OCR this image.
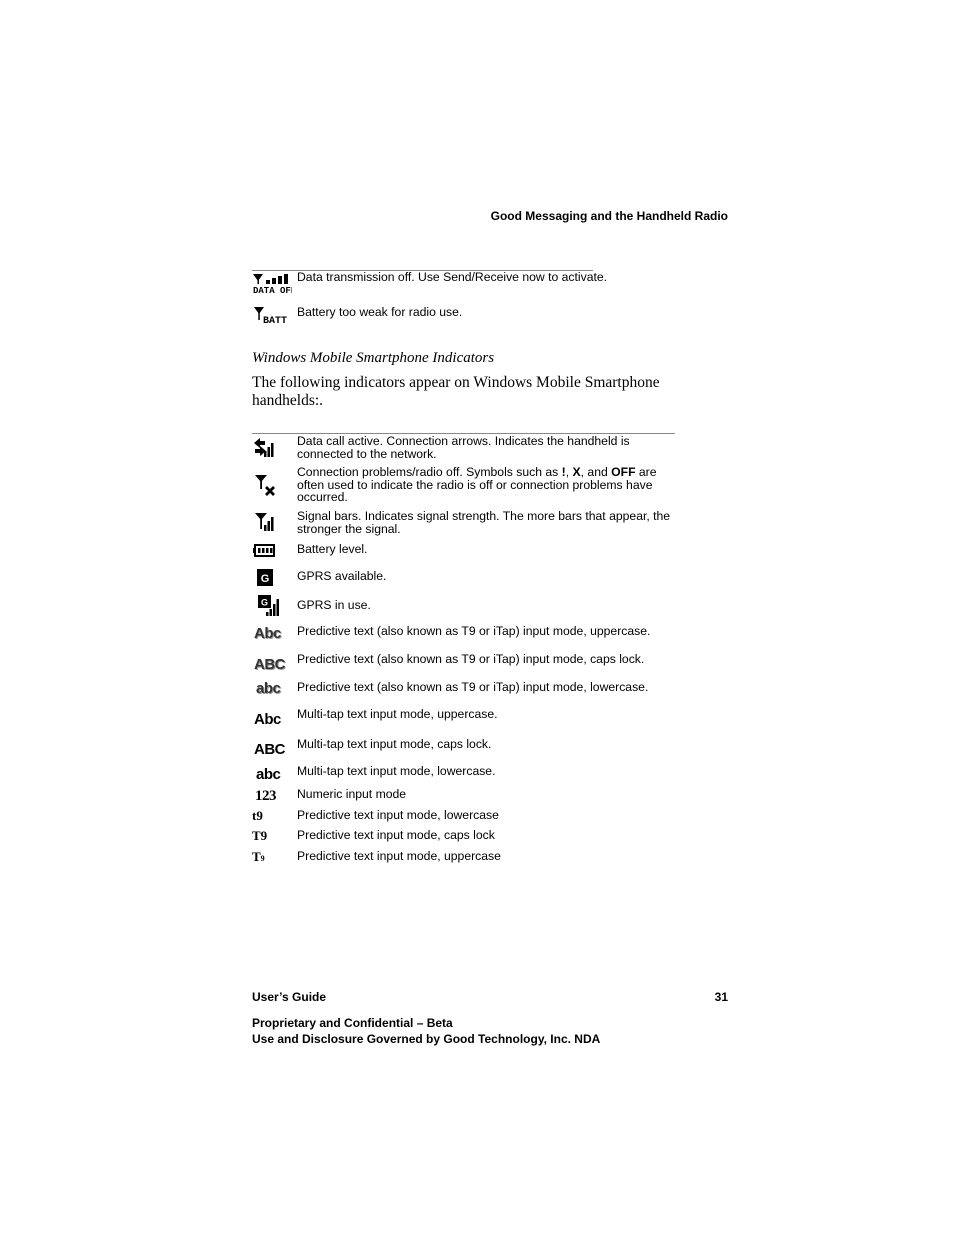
Good Messaging and the Handheld Radio
DATA OFF
Data transmission off. Use Send/Receive now to activate.
BATT
Battery too weak for radio use.
Windows Mobile Smartphone Indicators
The following indicators appear on Windows Mobile Smartphone handhelds:.
Data call active. Connection arrows. Indicates the handheld is connected to the network.
Connection problems/radio off. Symbols such as !, X, and OFF are often used to indicate the radio is off or connection problems have occurred.
Signal bars. Indicates signal strength. The more bars that appear, the stronger the signal.
Battery level.
G GPRS available.
G GPRS in use.
Abc Predictive text (also known as T9 or iTap) input mode, uppercase.
ABC Predictive text (also known as T9 or iTap) input mode, caps lock.
abc Predictive text (also known as T9 or iTap) input mode, lowercase.
Abc Multi-tap text input mode, uppercase.
ABC Multi-tap text input mode, caps lock.
abc Multi-tap text input mode, lowercase.
123 Numeric input mode
t9	Predictive text input mode, lowercase
T9 Predictive text input mode, caps lock
T9	Predictive text input mode, uppercase
User’s Guide	31
Proprietary and Confidential – Beta
Use and Disclosure Governed by Good Technology, Inc. NDA
